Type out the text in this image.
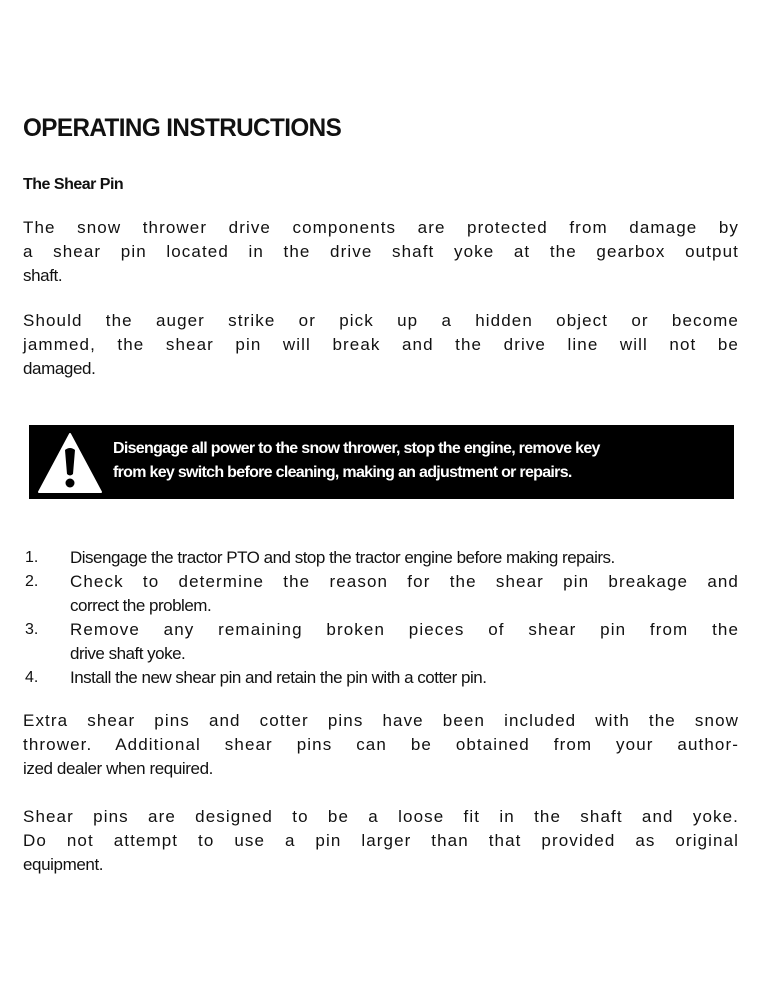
OPERATING INSTRUCTIONS
The Shear Pin

The snow thrower drive components are protected from damage by
a shear pin located in the drive shaft yoke at the gearbox output
shaft.

Should the auger strike or pick up a hidden object or become
jammed, the shear pin will break and the drive line will not be
damaged.

Disengage all power to the snow thrower, stop the engine, remove key
from key switch before cleaning, making an adjustment or repairs.

1. Disengage the tractor PTO and stop the tractor engine before making repairs.
2. Check to determine the reason for the shear pin breakage and
correct the problem.
3. Remove any remaining broken pieces of shear pin from the
drive shaft yoke.
4. Install the new shear pin and retain the pin with a cotter pin.

Extra shear pins and cotter pins have been included with the snow
thrower. Additional shear pins can be obtained from your author-
ized dealer when required.

Shear pins are designed to be a loose fit in the shaft and yoke.
Do not attempt to use a pin larger than that provided as original
equipment.
